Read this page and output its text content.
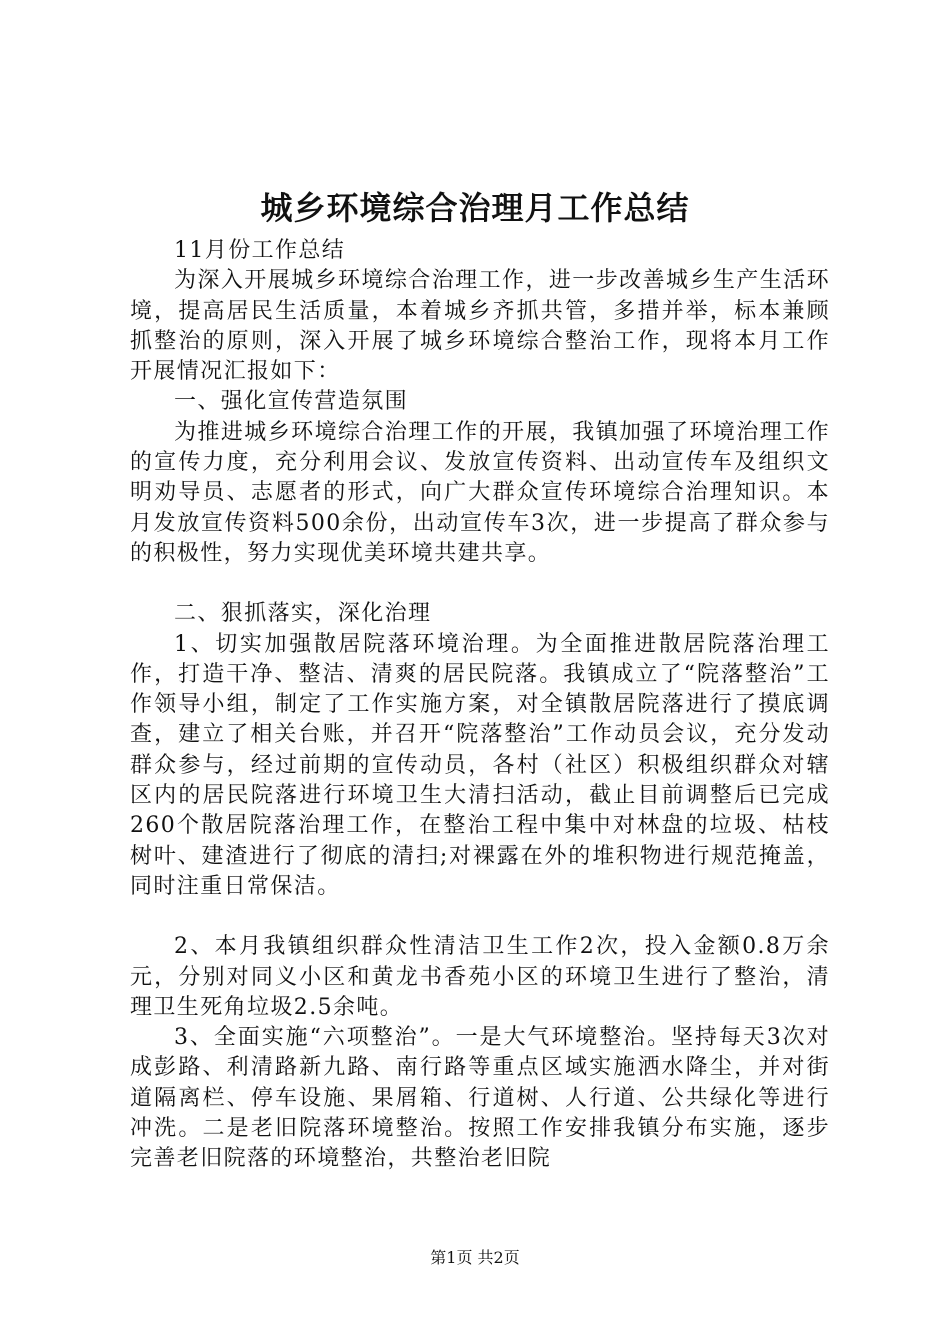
城乡环境综合治理月工作总结

11月份工作总结

为深入开展城乡环境综合治理工作，进一步改善城乡生产生活环境，提高居民生活质量，本着城乡齐抓共管，多措并举，标本兼顾抓整治的原则，深入开展了城乡环境综合整治工作，现将本月工作开展情况汇报如下：

一、强化宣传营造氛围

为推进城乡环境综合治理工作的开展，我镇加强了环境治理工作的宣传力度，充分利用会议、发放宣传资料、出动宣传车及组织文明劝导员、志愿者的形式，向广大群众宣传环境综合治理知识。本月发放宣传资料500余份，出动宣传车3次，进一步提高了群众参与的积极性，努力实现优美环境共建共享。

二、狠抓落实，深化治理

1、切实加强散居院落环境治理。为全面推进散居院落治理工作，打造干净、整洁、清爽的居民院落。我镇成立了“院落整治”工作领导小组，制定了工作实施方案，对全镇散居院落进行了摸底调查，建立了相关台账，并召开“院落整治”工作动员会议，充分发动群众参与，经过前期的宣传动员，各村（社区）积极组织群众对辖区内的居民院落进行环境卫生大清扫活动，截止目前调整后已完成260个散居院落治理工作，在整治工程中集中对林盘的垃圾、枯枝树叶、建渣进行了彻底的清扫;对裸露在外的堆积物进行规范掩盖，同时注重日常保洁。

2、本月我镇组织群众性清洁卫生工作2次，投入金额0.8万余元，分别对同义小区和黄龙书香苑小区的环境卫生进行了整治，清理卫生死角垃圾2.5余吨。

3、全面实施“六项整治”。一是大气环境整治。坚持每天3次对成彭路、利清路新九路、南行路等重点区域实施洒水降尘，并对街道隔离栏、停车设施、果屑箱、行道树、人行道、公共绿化等进行冲洗。二是老旧院落环境整治。按照工作安排我镇分布实施，逐步完善老旧院落的环境整治，共整治老旧院

第1页 共2页
